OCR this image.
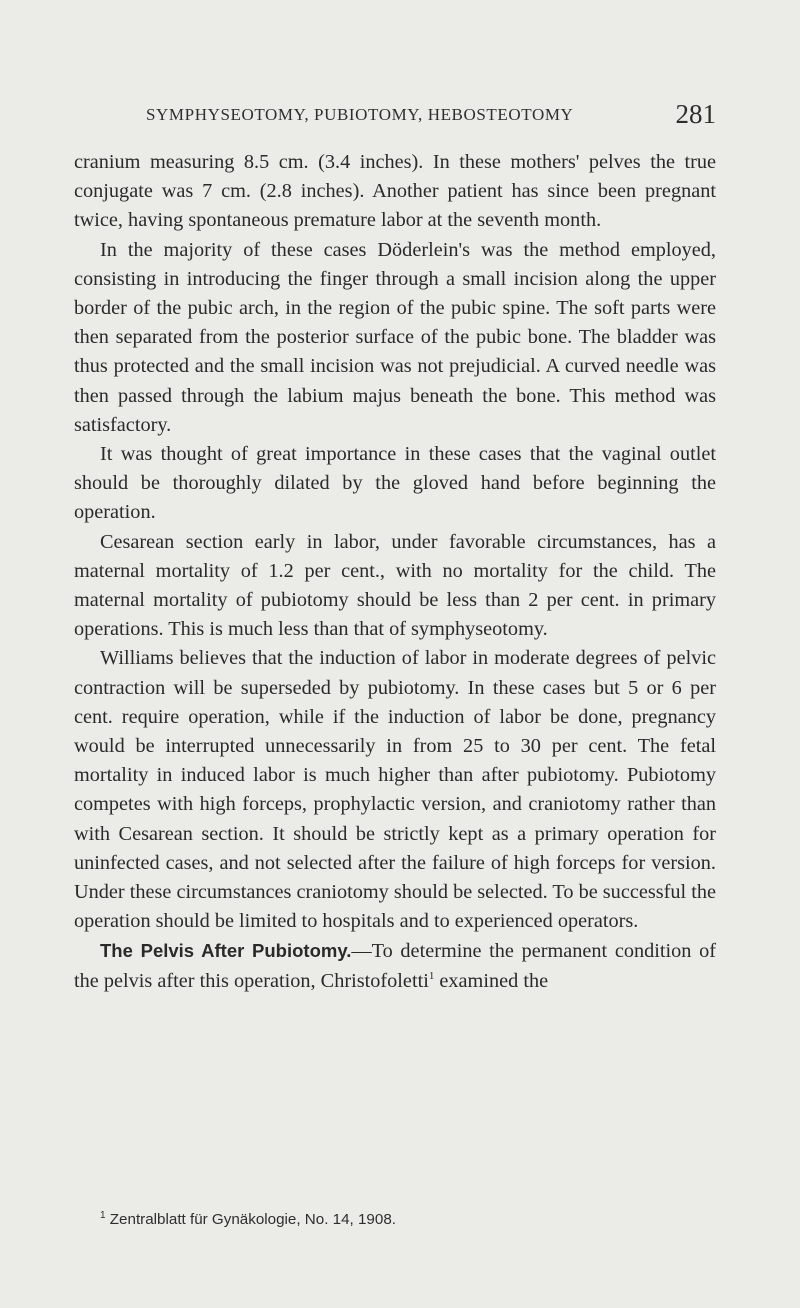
SYMPHYSEOTOMY, PUBIOTOMY, HEBOSTEOTOMY	281

cranium measuring 8.5 cm. (3.4 inches). In these mothers' pelves the true conjugate was 7 cm. (2.8 inches). Another patient has since been pregnant twice, having spontaneous premature labor at the seventh month.

In the majority of these cases Döderlein's was the method employed, consisting in introducing the finger through a small incision along the upper border of the pubic arch, in the region of the pubic spine. The soft parts were then separated from the posterior surface of the pubic bone. The bladder was thus protected and the small incision was not prejudicial. A curved needle was then passed through the labium majus beneath the bone. This method was satisfactory.

It was thought of great importance in these cases that the vaginal outlet should be thoroughly dilated by the gloved hand before beginning the operation.

Cesarean section early in labor, under favorable circumstances, has a maternal mortality of 1.2 per cent., with no mortality for the child. The maternal mortality of pubiotomy should be less than 2 per cent. in primary operations. This is much less than that of symphyseotomy.

Williams believes that the induction of labor in moderate degrees of pelvic contraction will be superseded by pubiotomy. In these cases but 5 or 6 per cent. require operation, while if the induction of labor be done, pregnancy would be interrupted unnecessarily in from 25 to 30 per cent. The fetal mortality in induced labor is much higher than after pubiotomy. Pubiotomy competes with high forceps, prophylactic version, and craniotomy rather than with Cesarean section. It should be strictly kept as a primary operation for uninfected cases, and not selected after the failure of high forceps for version. Under these circumstances craniotomy should be selected. To be successful the operation should be limited to hospitals and to experienced operators.

The Pelvis After Pubiotomy.—To determine the permanent condition of the pelvis after this operation, Christofoletti$^1$ examined the

$^1$ Zentralblatt für Gynäkologie, No. 14, 1908.
